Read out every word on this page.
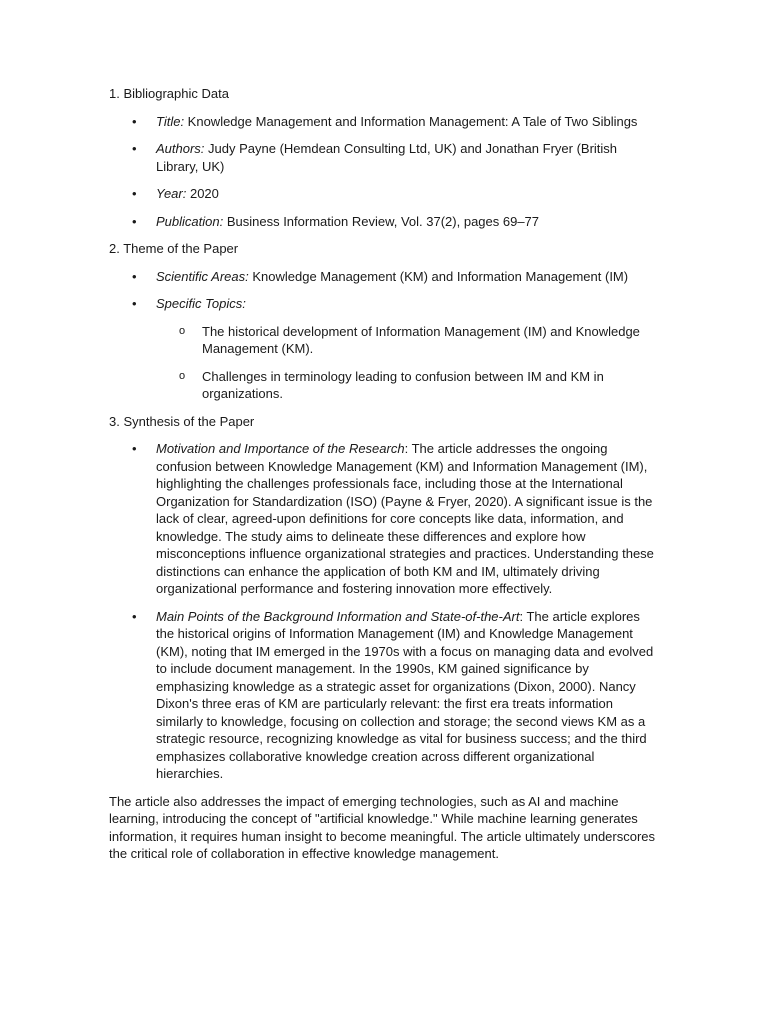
1. Bibliographic Data
• Title: Knowledge Management and Information Management: A Tale of Two Siblings
• Authors: Judy Payne (Hemdean Consulting Ltd, UK) and Jonathan Fryer (British Library, UK)
• Year: 2020
• Publication: Business Information Review, Vol. 37(2), pages 69–77
2. Theme of the Paper
• Scientific Areas: Knowledge Management (KM) and Information Management (IM)
• Specific Topics:
o The historical development of Information Management (IM) and Knowledge Management (KM).
o Challenges in terminology leading to confusion between IM and KM in organizations.
3. Synthesis of the Paper
• Motivation and Importance of the Research: The article addresses the ongoing confusion between Knowledge Management (KM) and Information Management (IM), highlighting the challenges professionals face, including those at the International Organization for Standardization (ISO) (Payne & Fryer, 2020). A significant issue is the lack of clear, agreed-upon definitions for core concepts like data, information, and knowledge. The study aims to delineate these differences and explore how misconceptions influence organizational strategies and practices. Understanding these distinctions can enhance the application of both KM and IM, ultimately driving organizational performance and fostering innovation more effectively.
• Main Points of the Background Information and State-of-the-Art: The article explores the historical origins of Information Management (IM) and Knowledge Management (KM), noting that IM emerged in the 1970s with a focus on managing data and evolved to include document management. In the 1990s, KM gained significance by emphasizing knowledge as a strategic asset for organizations (Dixon, 2000). Nancy Dixon's three eras of KM are particularly relevant: the first era treats information similarly to knowledge, focusing on collection and storage; the second views KM as a strategic resource, recognizing knowledge as vital for business success; and the third emphasizes collaborative knowledge creation across different organizational hierarchies.

The article also addresses the impact of emerging technologies, such as AI and machine learning, introducing the concept of "artificial knowledge." While machine learning generates information, it requires human insight to become meaningful. The article ultimately underscores the critical role of collaboration in effective knowledge management.
